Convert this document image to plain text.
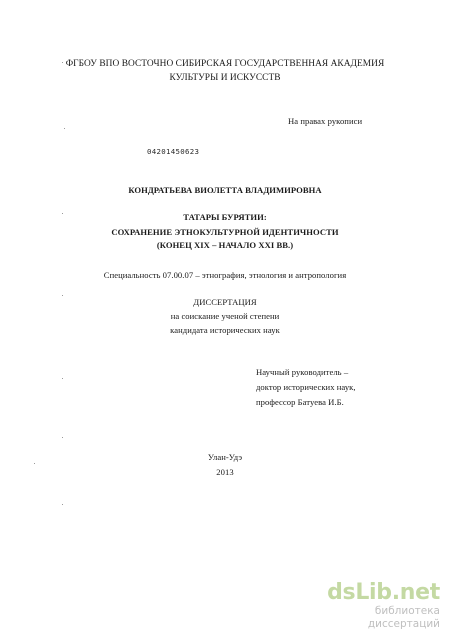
ФГБОУ ВПО ВОСТОЧНО СИБИРСКАЯ ГОСУДАРСТВЕННАЯ АКАДЕМИЯ
КУЛЬТУРЫ И ИСКУССТВ
На правах рукописи
04201450623
КОНДРАТЬЕВА ВИОЛЕТТА ВЛАДИМИРОВНА
ТАТАРЫ БУРЯТИИ:
СОХРАНЕНИЕ ЭТНОКУЛЬТУРНОЙ ИДЕНТИЧНОСТИ
(КОНЕЦ XIX – НАЧАЛО XXI ВВ.)
Специальность 07.00.07 – этнография, этнология и антропология
ДИССЕРТАЦИЯ
на соискание ученой степени
кандидата исторических наук
Научный руководитель –
доктор исторических наук,
профессор Батуева И.Б.
Улан-Удэ
2013
dsLib.net
библиотека диссертаций
